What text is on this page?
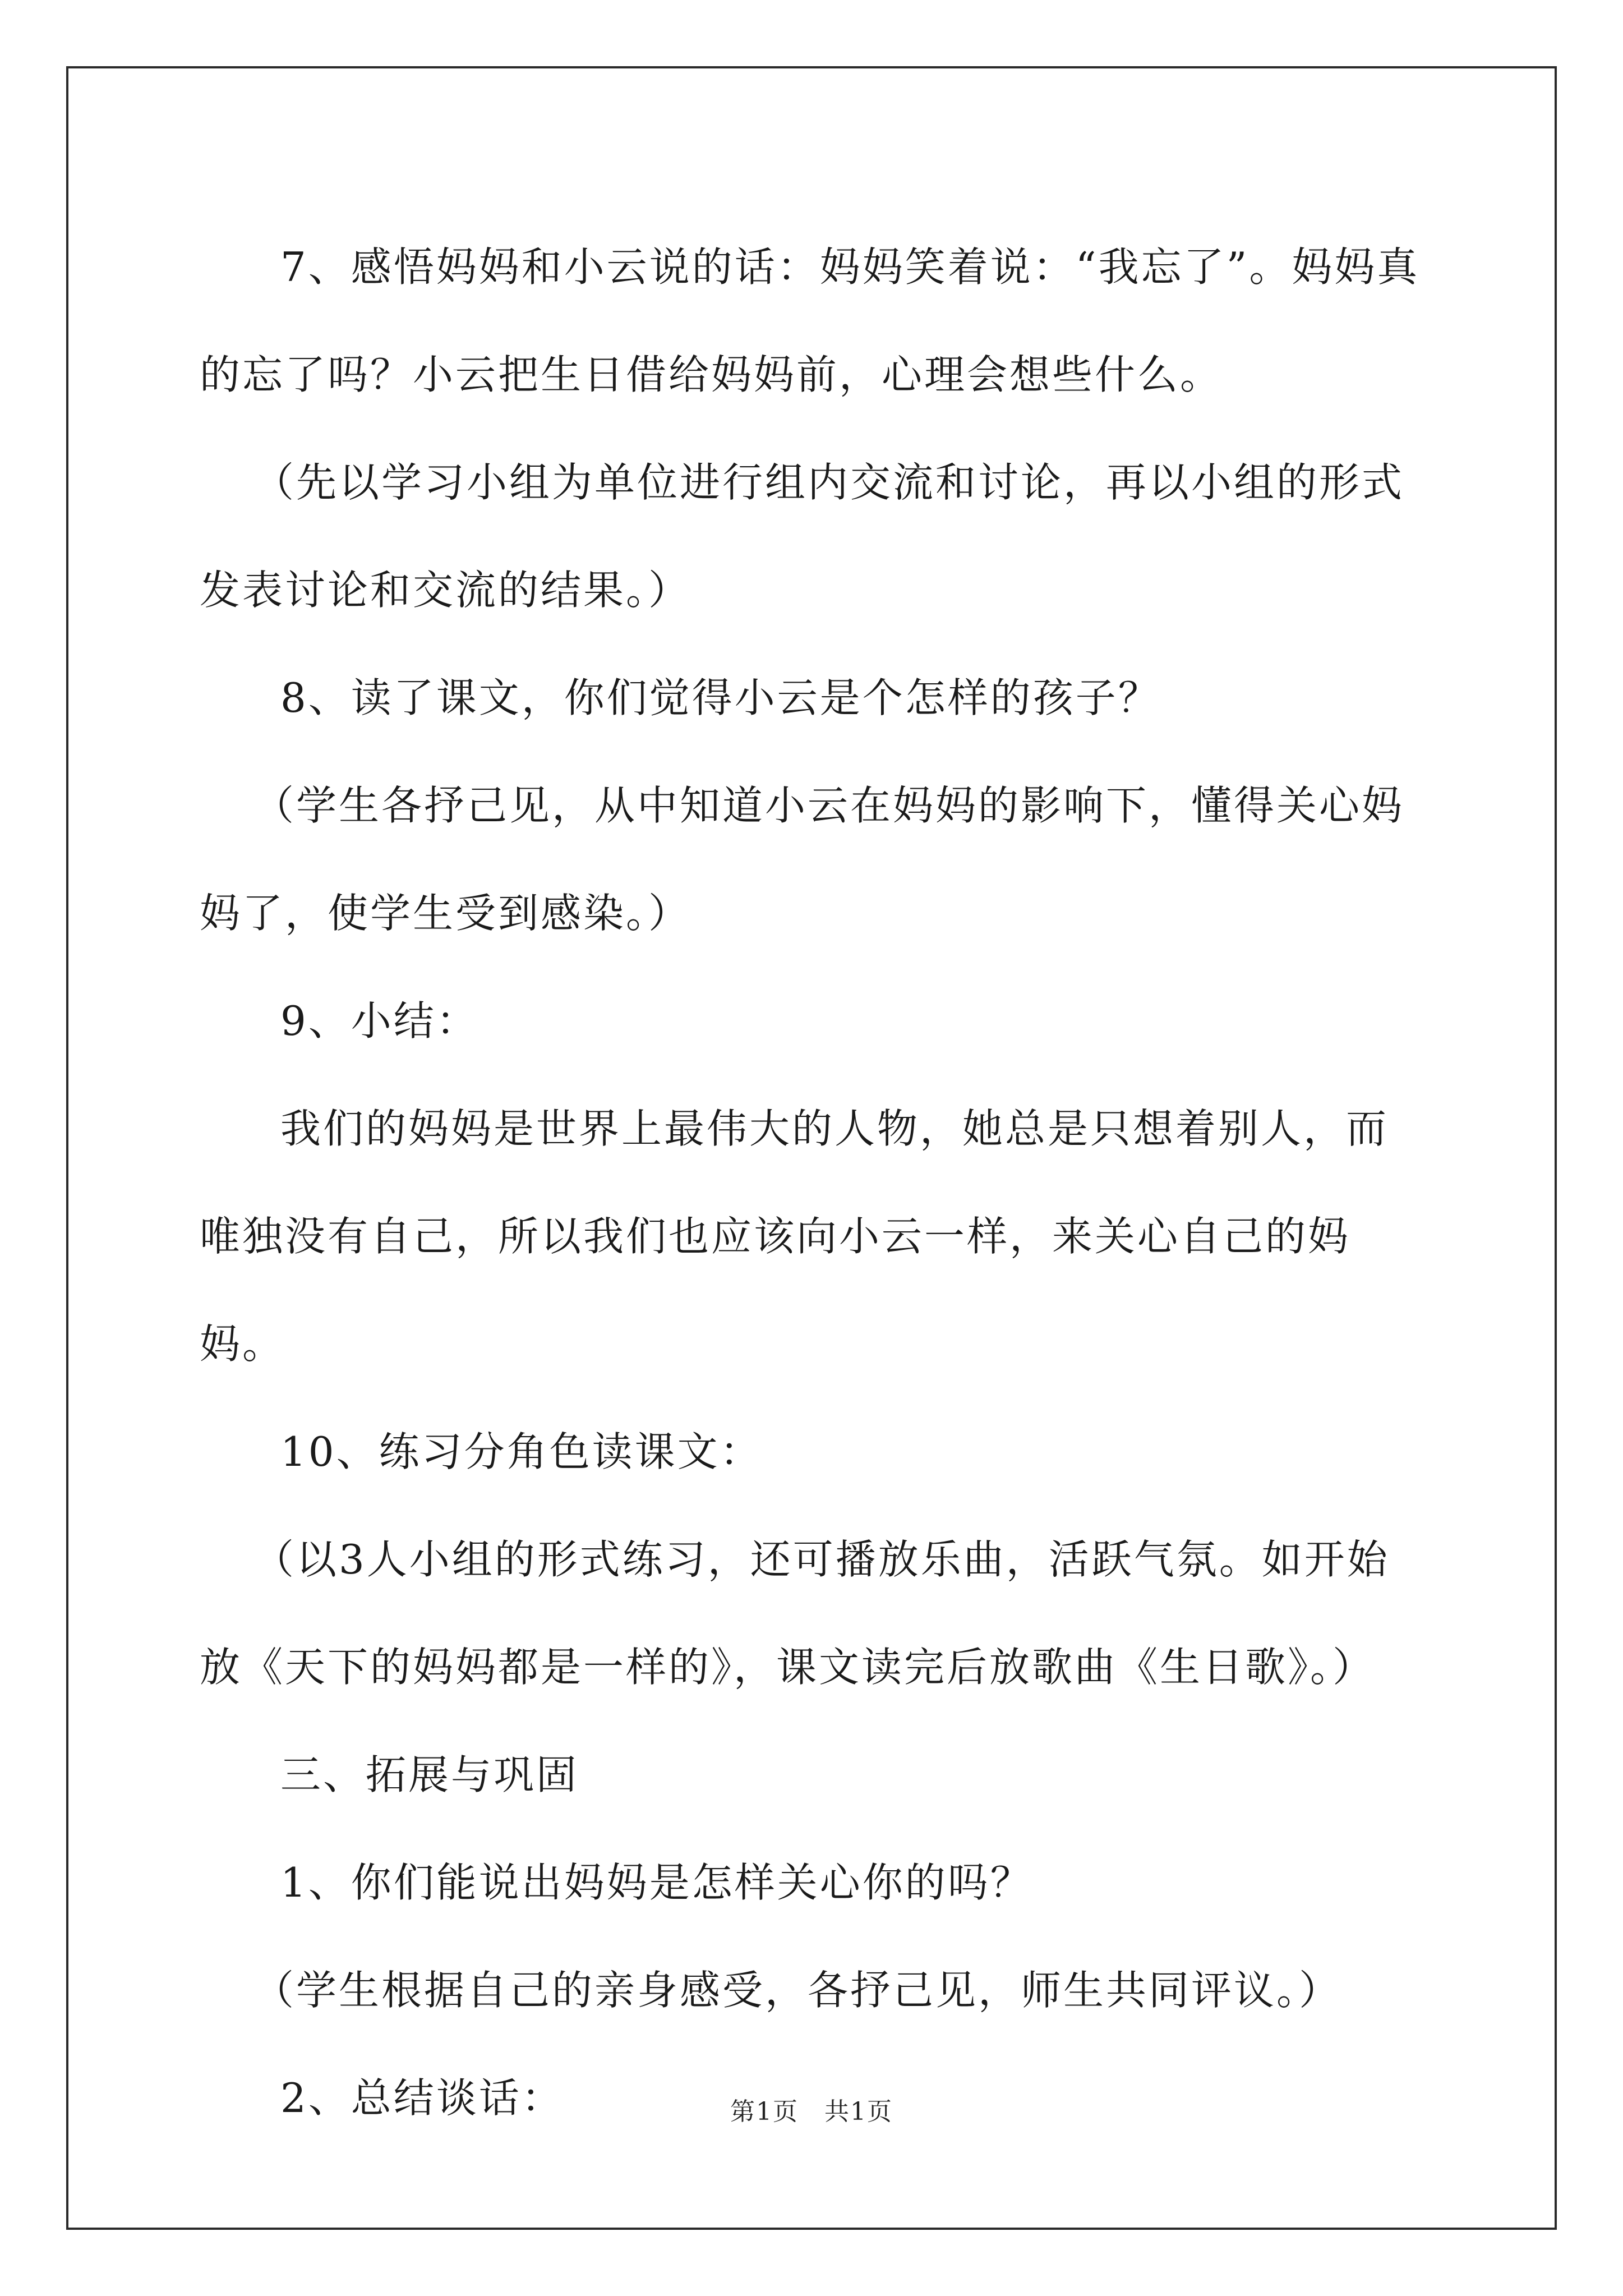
7、感悟妈妈和小云说的话：妈妈笑着说：“我忘了”。妈妈真的忘了吗？小云把生日借给妈妈前，心理会想些什么。

（先以学习小组为单位进行组内交流和讨论，再以小组的形式发表讨论和交流的结果。）

8、读了课文，你们觉得小云是个怎样的孩子？

（学生各抒己见，从中知道小云在妈妈的影响下，懂得关心妈妈了，使学生受到感染。）

9、小结：

我们的妈妈是世界上最伟大的人物，她总是只想着别人，而唯独没有自己，所以我们也应该向小云一样，来关心自己的妈妈。

10、练习分角色读课文：

（以3人小组的形式练习，还可播放乐曲，活跃气氛。如开始放《天下的妈妈都是一样的》，课文读完后放歌曲《生日歌》。）

三、拓展与巩固

1、你们能说出妈妈是怎样关心你的吗？

（学生根据自己的亲身感受，各抒己见，师生共同评议。）

2、总结谈话：	第1页　共1页
